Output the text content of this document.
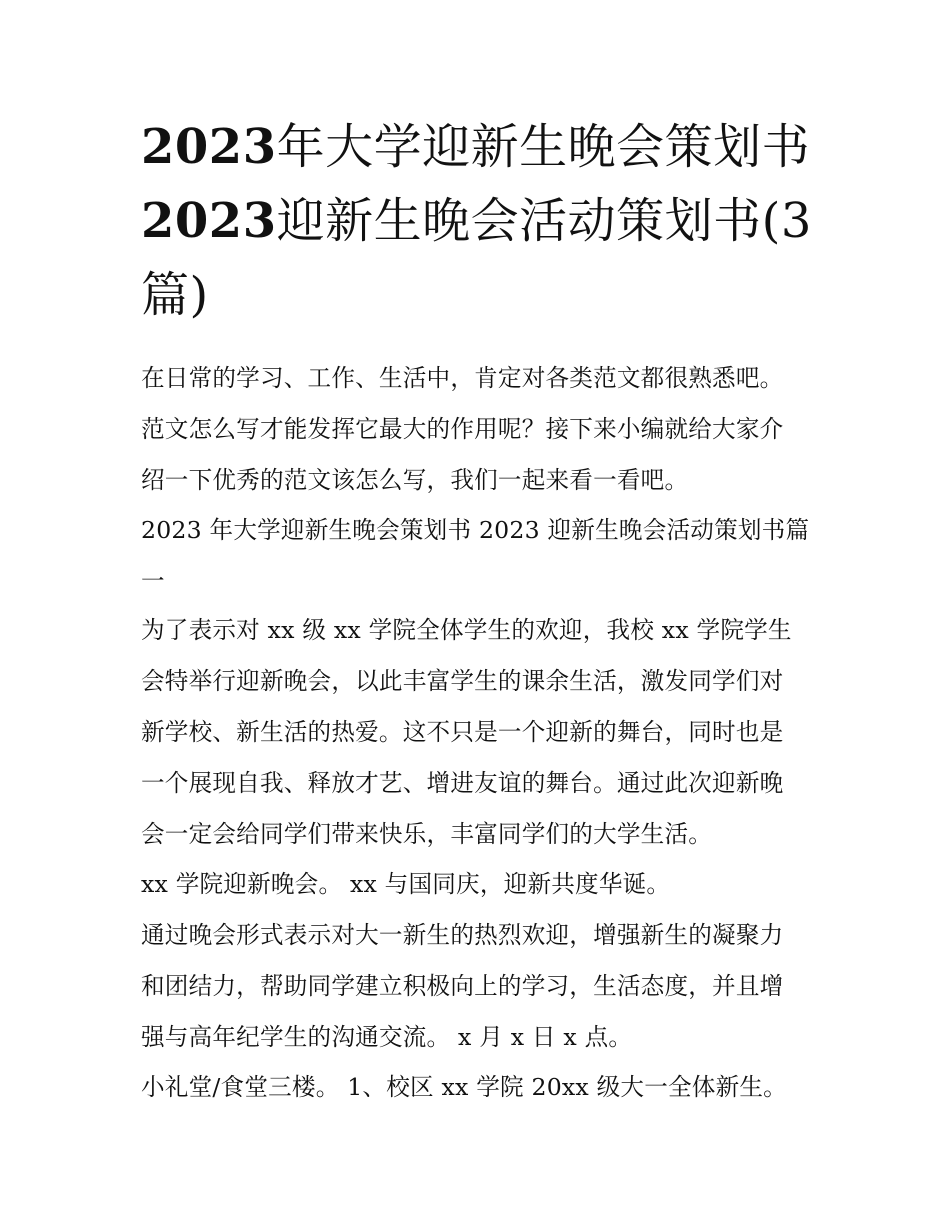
2023年大学迎新生晚会策划书
2023迎新生晚会活动策划书(3
篇)
在日常的学习、工作、生活中，肯定对各类范文都很熟悉吧。
范文怎么写才能发挥它最大的作用呢？接下来小编就给大家介
绍一下优秀的范文该怎么写，我们一起来看一看吧。
2023 年大学迎新生晚会策划书 2023 迎新生晚会活动策划书篇
一
为了表示对 xx 级 xx 学院全体学生的欢迎，我校 xx 学院学生
会特举行迎新晚会，以此丰富学生的课余生活，激发同学们对
新学校、新生活的热爱。这不只是一个迎新的舞台，同时也是
一个展现自我、释放才艺、增进友谊的舞台。通过此次迎新晚
会一定会给同学们带来快乐，丰富同学们的大学生活。
xx 学院迎新晚会。 xx 与国同庆，迎新共度华诞。
通过晚会形式表示对大一新生的热烈欢迎，增强新生的凝聚力
和团结力，帮助同学建立积极向上的学习，生活态度，并且增
强与高年纪学生的沟通交流。 x 月 x 日 x 点。
小礼堂/食堂三楼。 1、校区 xx 学院 20xx 级大一全体新生。
